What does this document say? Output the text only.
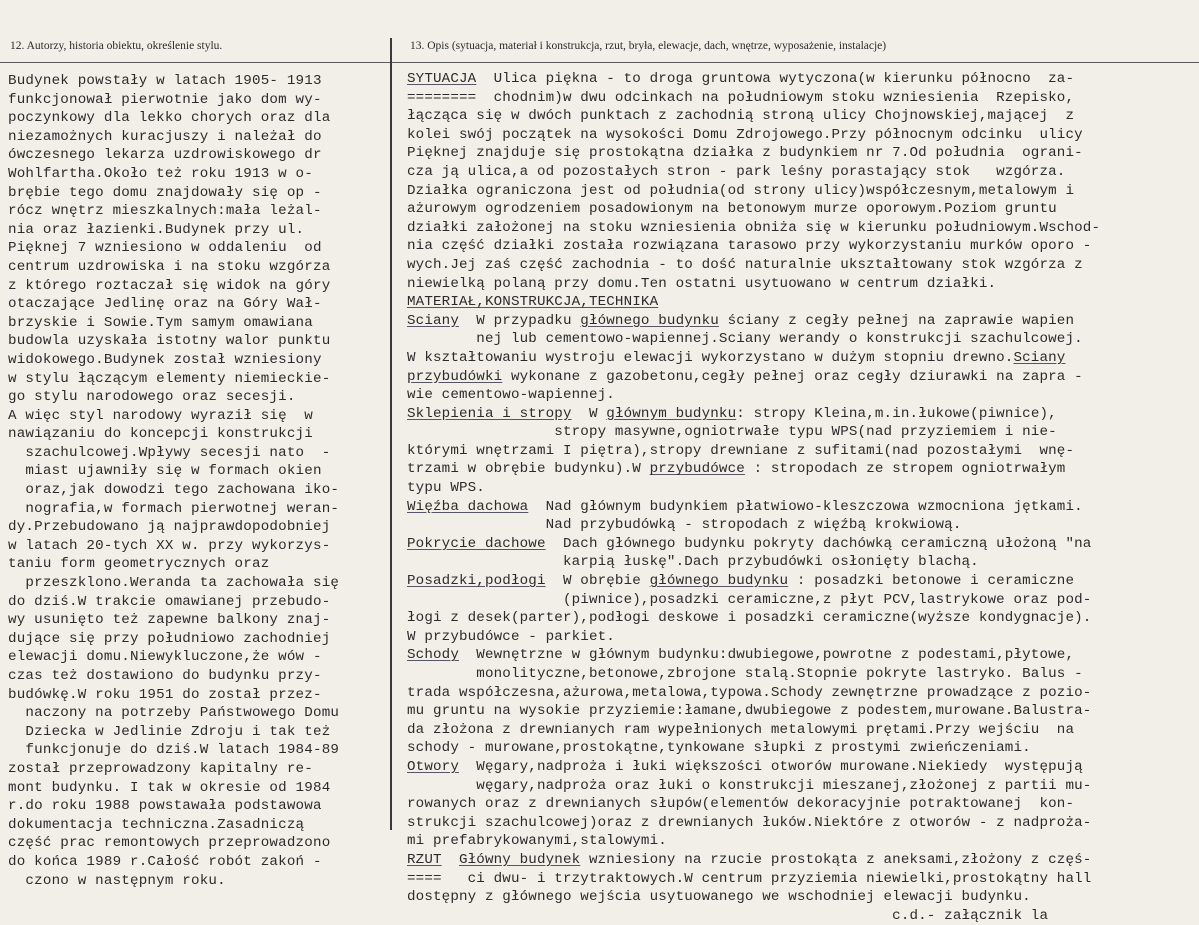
12. Autorzy, historia obiektu, określenie stylu.	13. Opis (sytuacja, materiał i konstrukcja, rzut, bryła, elewacje, dach, wnętrze, wyposażenie, instalacje)
Budynek powstały w latach 1905- 1913
funkcjonował pierwotnie jako dom wy-
poczynkowy dla lekko chorych oraz dla
niezamożnych kuracjuszy i należał do
ówczesnego lekarza uzdrowiskowego dr
Wohlfartha.Około też roku 1913 w o-
brębie tego domu znajdowały się op -
rócz wnętrz mieszkalnych:mała leżal-
nia oraz łazienki.Budynek przy ul.
Pięknej 7 wzniesiono w oddaleniu  od
centrum uzdrowiska i na stoku wzgórza
z którego roztaczał się widok na góry
otaczające Jedlinę oraz na Góry Wał-
brzyskie i Sowie.Tym samym omawiana
budowla uzyskała istotny walor punktu
widokowego.Budynek został wzniesiony
w stylu łączącym elementy niemieckie-
go stylu narodowego oraz secesji.
A więc styl narodowy wyraził się  w
nawiązaniu do koncepcji konstrukcji
szachulcowej.Wpływy secesji nato  -
miast ujawniły się w formach okien
oraz,jak dowodzi tego zachowana iko-
nografia,w formach pierwotnej weran-
dy.Przebudowano ją najprawdopodobniej
w latach 20-tych XX w. przy wykorzys-
taniu form geometrycznych oraz
przeszklono.Weranda ta zachowała się
do dziś.W trakcie omawianej przebudo-
wy usunięto też zapewne balkony znaj-
dujące się przy południowo zachodniej
elewacji domu.Niewykluczone,że wów -
czas też dostawiono do budynku przy-
budówkę.W roku 1951 do został przez-
naczony na potrzeby Państwowego Domu
Dziecka w Jedlinie Zdroju i tak też
funkcjonuje do dziś.W latach 1984-89
został przeprowadzony kapitalny re-
mont budynku. I tak w okresie od 1984
r.do roku 1988 powstawała podstawowa
dokumentacja techniczna.Zasadniczą
część prac remontowych przeprowadzono
do końca 1989 r.Całość robót zakoń -
czono w następnym roku.
SYTUACJA  Ulica piękna - to droga gruntowa wytyczona(w kierunku północno  za-
========  chodnim)w dwu odcinkach na południowym stoku wzniesienia  Rzepisko,
łącząca się w dwóch punktach z zachodnią stroną ulicy Chojnowskiej,mającej  z
kolei swój początek na wysokości Domu Zdrojowego.Przy północnym odcinku  ulicy
Pięknej znajduje się prostokątna działka z budynkiem nr 7.Od południa  ograni-
cza ją ulica,a od pozostałych stron - park leśny porastający stok   wzgórza.
Działka ograniczona jest od południa(od strony ulicy)współczesnym,metalowym i
ażurowym ogrodzeniem posadowionym na betonowym murze oporowym.Poziom gruntu
działki założonej na stoku wzniesienia obniża się w kierunku południowym.Wschod-
nia część działki została rozwiązana tarasowo przy wykorzystaniu murków oporo -
wych.Jej zaś część zachodnia - to dość naturalnie ukształtowany stok wzgórza z
niewielką polaną przy domu.Ten ostatni usytuowano w centrum działki.
MATERIAŁ,KONSTRUKCJA,TECHNIKA
Sciany  W przypadku głównego budynku ściany z cegły pełnej na zaprawie wapien
nej lub cementowo-wapiennej.Sciany werandy o konstrukcji szachulcowej.
W kształtowaniu wystroju elewacji wykorzystano w dużym stopniu drewno.Sciany
przybudówki wykonane z gazobetonu,cegły pełnej oraz cegły dziurawki na zapra -
wie cementowo-wapiennej.
Sklepienia i stropy  W głównym budynku: stropy Kleina,m.in.łukowe(piwnice),
stropy masywne,ogniotrwałe typu WPS(nad przyziemiem i nie-
którymi wnętrzami I piętra),stropy drewniane z sufitami(nad pozostałymi  wnę-
trzami w obrębie budynku).W przybudówce : stropodach ze stropem ogniotrwałym
typu WPS.
Więźba dachowa  Nad głównym budynkiem płatwiowo-kleszczowa wzmocniona jętkami.
Nad przybudówką - stropodach z więźbą krokwiową.
Pokrycie dachowe  Dach głównego budynku pokryty dachówką ceramiczną ułożoną "na
karpią łuskę".Dach przybudówki osłonięty blachą.
Posadzki,podłogi  W obrębie głównego budynku : posadzki betonowe i ceramiczne
(piwnice),posadzki ceramiczne,z płyt PCV,lastrykowe oraz pod-
łogi z desek(parter),podłogi deskowe i posadzki ceramiczne(wyższe kondygnacje).
W przybudówce - parkiet.
Schody  Wewnętrzne w głównym budynku:dwubiegowe,powrotne z podestami,płytowe,
monolityczne,betonowe,zbrojone stalą.Stopnie pokryte lastryko. Balus -
trada współczesna,ażurowa,metalowa,typowa.Schody zewnętrzne prowadzące z pozio-
mu gruntu na wysokie przyziemie:łamane,dwubiegowe z podestem,murowane.Balustra-
da złożona z drewnianych ram wypełnionych metalowymi prętami.Przy wejściu  na
schody - murowane,prostokątne,tynkowane słupki z prostymi zwieńczeniami.
Otwory  Węgary,nadproża i łuki większości otworów murowane.Niekiedy  występują
węgary,nadproża oraz łuki o konstrukcji mieszanej,złożonej z partii mu-
rowanych oraz z drewnianych słupów(elementów dekoracyjnie potraktowanej  kon-
strukcji szachulcowej)oraz z drewnianych łuków.Niektóre z otworów - z nadproża-
mi prefabrykowanymi,stalowymi.
RZUT Główny budynek wzniesiony na rzucie prostokąta z aneksami,złożony z częś-
====   ci dwu- i trzytraktowych.W centrum przyziemia niewielki,prostokątny hall
dostępny z głównego wejścia usytuowanego we wschodniej elewacji budynku.
c.d.- załącznik la
